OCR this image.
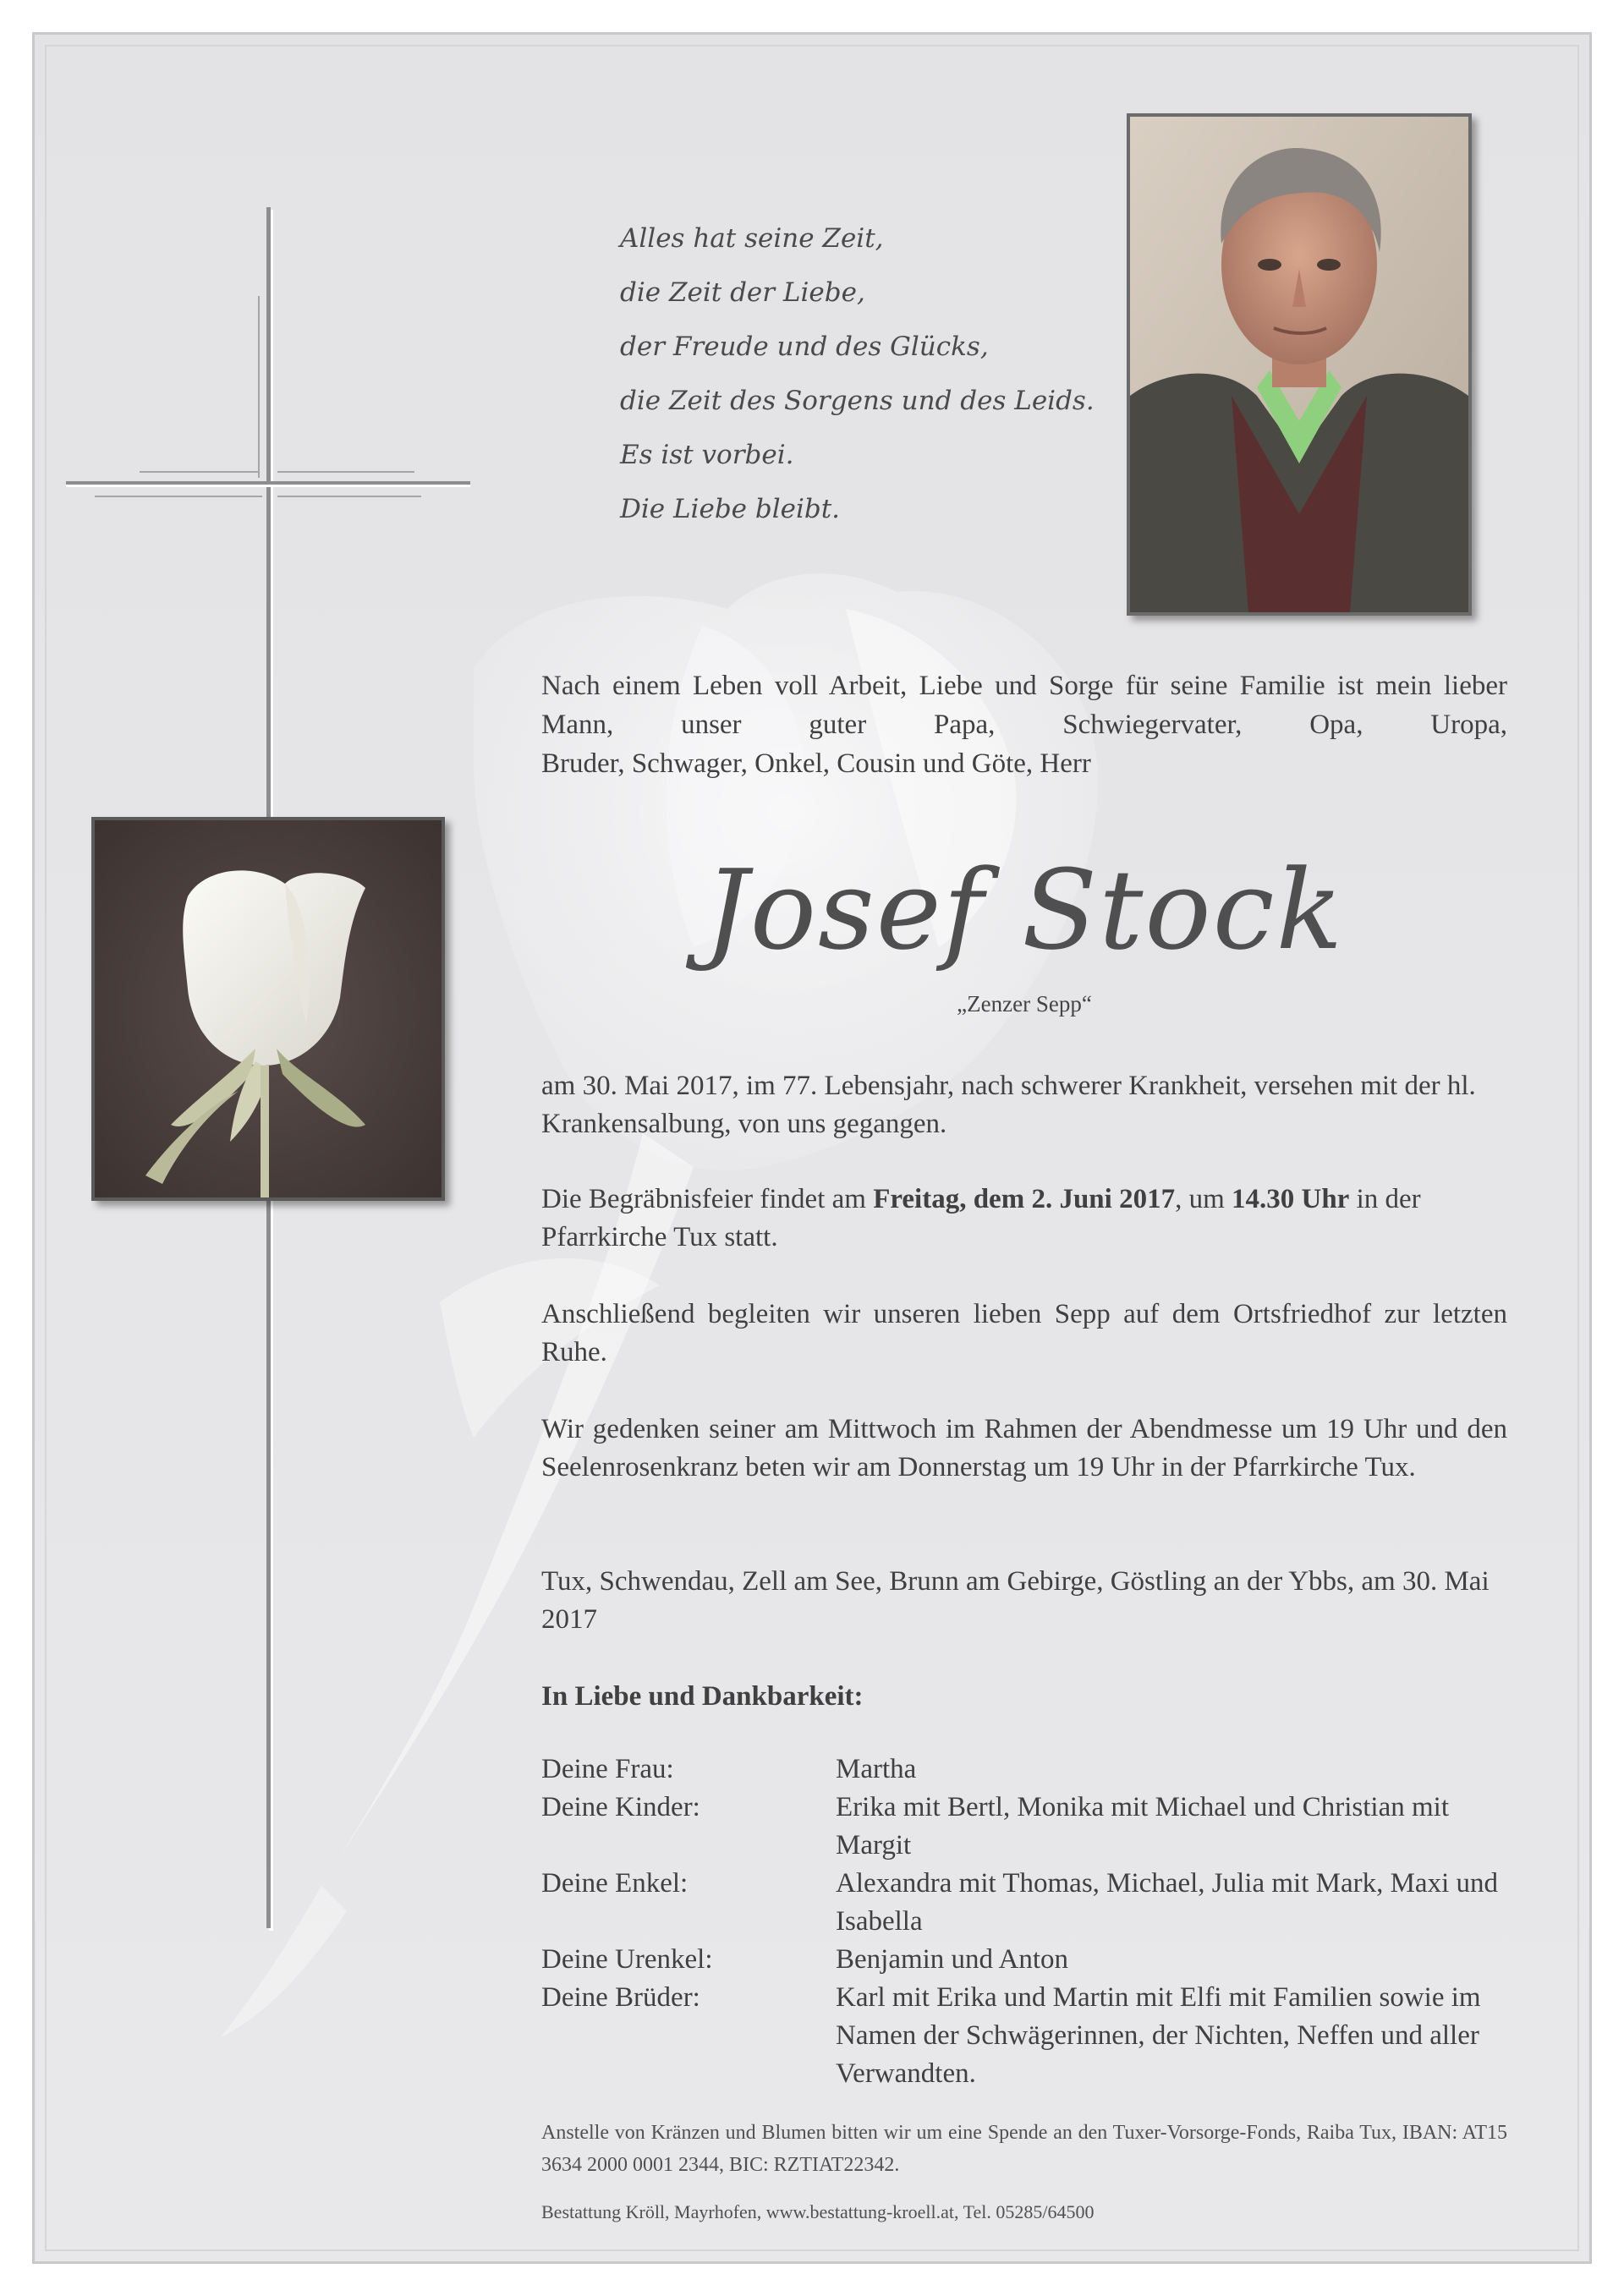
Alles hat seine Zeit,
die Zeit der Liebe,
der Freude und des Glücks,
die Zeit des Sorgens und des Leids.
Es ist vorbei.
Die Liebe bleibt.
Nach einem Leben voll Arbeit, Liebe und Sorge für seine Familie ist mein lieber Mann, unser guter Papa, Schwiegervater, Opa, Uropa,
Bruder, Schwager, Onkel, Cousin und Göte, Herr
Josef Stock
„Zenzer Sepp“

am 30. Mai 2017, im 77. Lebensjahr, nach schwerer Krankheit, versehen mit der hl. Krankensalbung, von uns gegangen.

Die Begräbnisfeier findet am Freitag, dem 2. Juni 2017, um 14.30 Uhr in der Pfarrkirche Tux statt.

Anschließend begleiten wir unseren lieben Sepp auf dem Ortsfriedhof zur letzten Ruhe.

Wir gedenken seiner am Mittwoch im Rahmen der Abendmesse um 19 Uhr und den Seelenrosenkranz beten wir am Donnerstag um 19 Uhr in der Pfarrkirche Tux.

Tux, Schwendau, Zell am See, Brunn am Gebirge, Göstling an der Ybbs, am 30. Mai 2017

In Liebe und Dankbarkeit:
Deine Frau:	Martha
Deine Kinder:	Erika mit Bertl, Monika mit Michael und Christian mit Margit
Deine Enkel:	Alexandra mit Thomas, Michael, Julia mit Mark, Maxi und Isabella
Deine Urenkel:	Benjamin und Anton
Deine Brüder:	Karl mit Erika und Martin mit Elfi mit Familien sowie im Namen der Schwägerinnen, der Nichten, Neffen und aller Verwandten.
Anstelle von Kränzen und Blumen bitten wir um eine Spende an den Tuxer-Vorsorge-Fonds, Raiba Tux, IBAN: AT15 3634 2000 0001 2344, BIC: RZTIAT22342.
Bestattung Kröll, Mayrhofen, www.bestattung-kroell.at, Tel. 05285/64500
